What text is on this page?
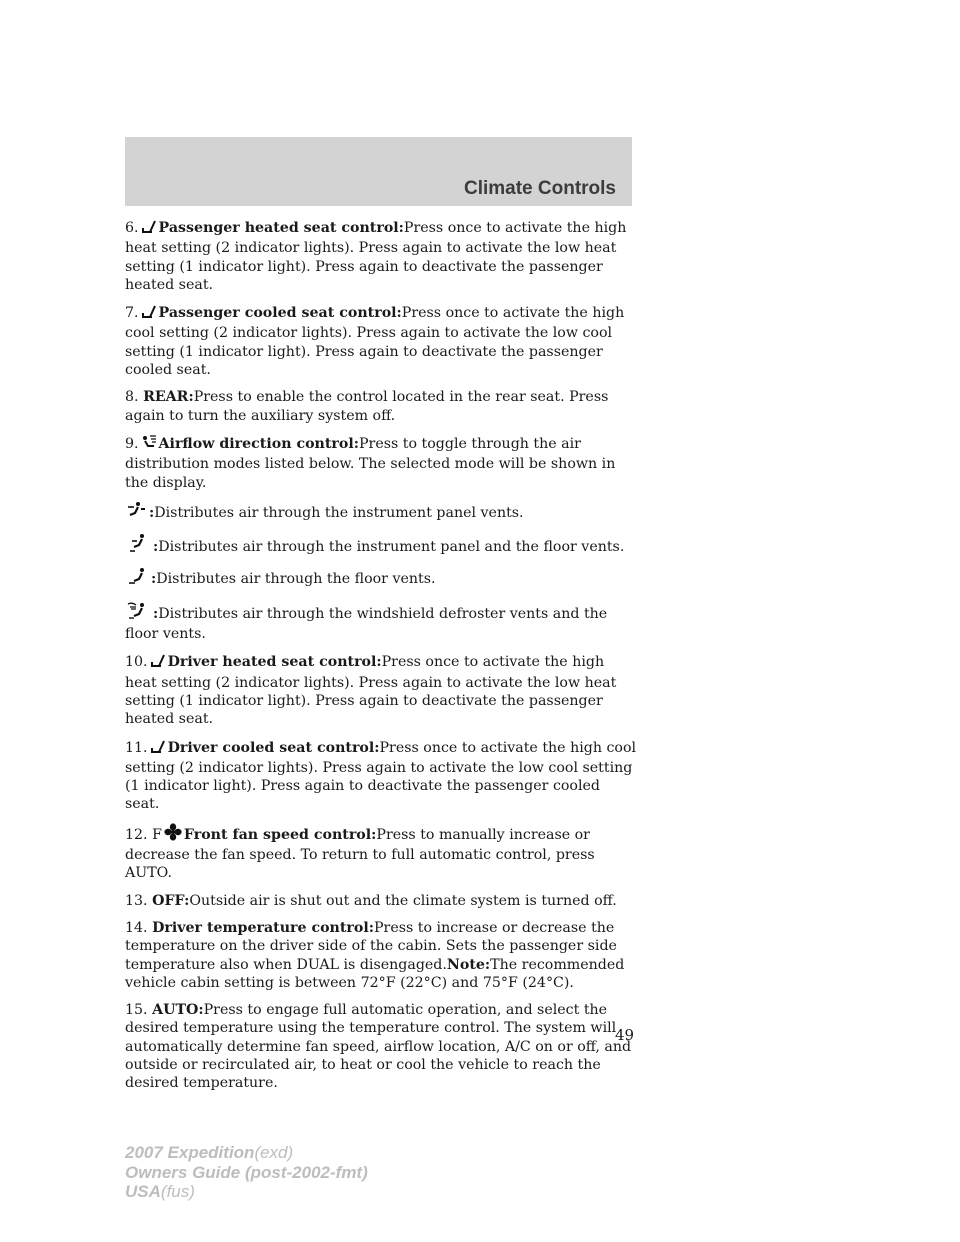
Climate Controls

6. Passenger heated seat control:Press once to activate the high heat setting (2 indicator lights). Press again to activate the low heat setting (1 indicator light). Press again to deactivate the passenger heated seat.

7. Passenger cooled seat control:Press once to activate the high cool setting (2 indicator lights). Press again to activate the low cool setting (1 indicator light). Press again to deactivate the passenger cooled seat.

8. REAR:Press to enable the control located in the rear seat. Press again to turn the auxiliary system off.

9. Airflow direction control:Press to toggle through the air distribution modes listed below. The selected mode will be shown in the display.

:Distributes air through the instrument panel vents.

:Distributes air through the instrument panel and the floor vents.

:Distributes air through the floor vents.

:Distributes air through the windshield defroster vents and the floor vents.

10. Driver heated seat control:Press once to activate the high heat setting (2 indicator lights). Press again to activate the low heat setting (1 indicator light). Press again to deactivate the passenger heated seat.

11. Driver cooled seat control:Press once to activate the high cool setting (2 indicator lights). Press again to activate the low cool setting (1 indicator light). Press again to deactivate the passenger cooled seat.

12. F Front fan speed control:Press to manually increase or decrease the fan speed. To return to full automatic control, press AUTO.

13. OFF:Outside air is shut out and the climate system is turned off.

14. Driver temperature control:Press to increase or decrease the temperature on the driver side of the cabin. Sets the passenger side temperature also when DUAL is disengaged.Note:The recommended vehicle cabin setting is between 72°F (22°C) and 75°F (24°C).

15. AUTO:Press to engage full automatic operation, and select the desired temperature using the temperature control. The system will automatically determine fan speed, airflow location, A/C on or off, and outside or recirculated air, to heat or cool the vehicle to reach the desired temperature.

49
2007 Expedition(exd)
Owners Guide (post-2002-fmt)
USA(fus)
